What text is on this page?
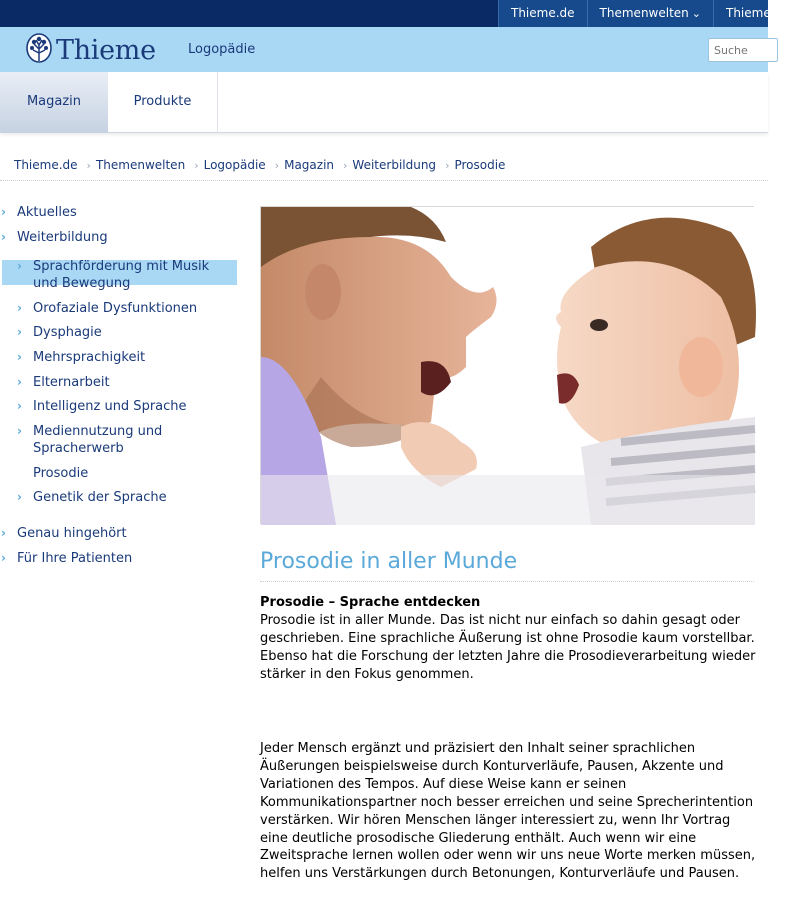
Thieme.de	Themenwelten ⌄	Thieme Gr
Thieme Logopädie
Suche
Magazin	Produkte
Thieme.de › Themenwelten › Logopädie › Magazin › Weiterbildung › Prosodie
› Aktuelles
› Weiterbildung
› Sprachförderung mit Musik und Bewegung
› Orofaziale Dysfunktionen
› Dysphagie
› Mehrsprachigkeit
› Elternarbeit
› Intelligenz und Sprache
› Mediennutzung und Spracherwerb
Prosodie
› Genetik der Sprache
› Genau hingehört
› Für Ihre Patienten	Prosodie in aller Munde
Prosodie – Sprache entdecken

Prosodie ist in aller Munde. Das ist nicht nur einfach so dahin gesagt oder geschrieben. Eine sprachliche Äußerung ist ohne Prosodie kaum vorstellbar. Ebenso hat die Forschung der letzten Jahre die Prosodieverarbeitung wieder stärker in den Fokus genommen.

Jeder Mensch ergänzt und präzisiert den Inhalt seiner sprachlichen Äußerungen beispielsweise durch Konturverläufe, Pausen, Akzente und Variationen des Tempos. Auf diese Weise kann er seinen Kommunikationspartner noch besser erreichen und seine Sprecherintention verstärken. Wir hören Menschen länger interessiert zu, wenn Ihr Vortrag eine deutliche prosodische Gliederung enthält. Auch wenn wir eine Zweitsprache lernen wollen oder wenn wir uns neue Worte merken müssen, helfen uns Verstärkungen durch Betonungen, Konturverläufe und Pausen.
